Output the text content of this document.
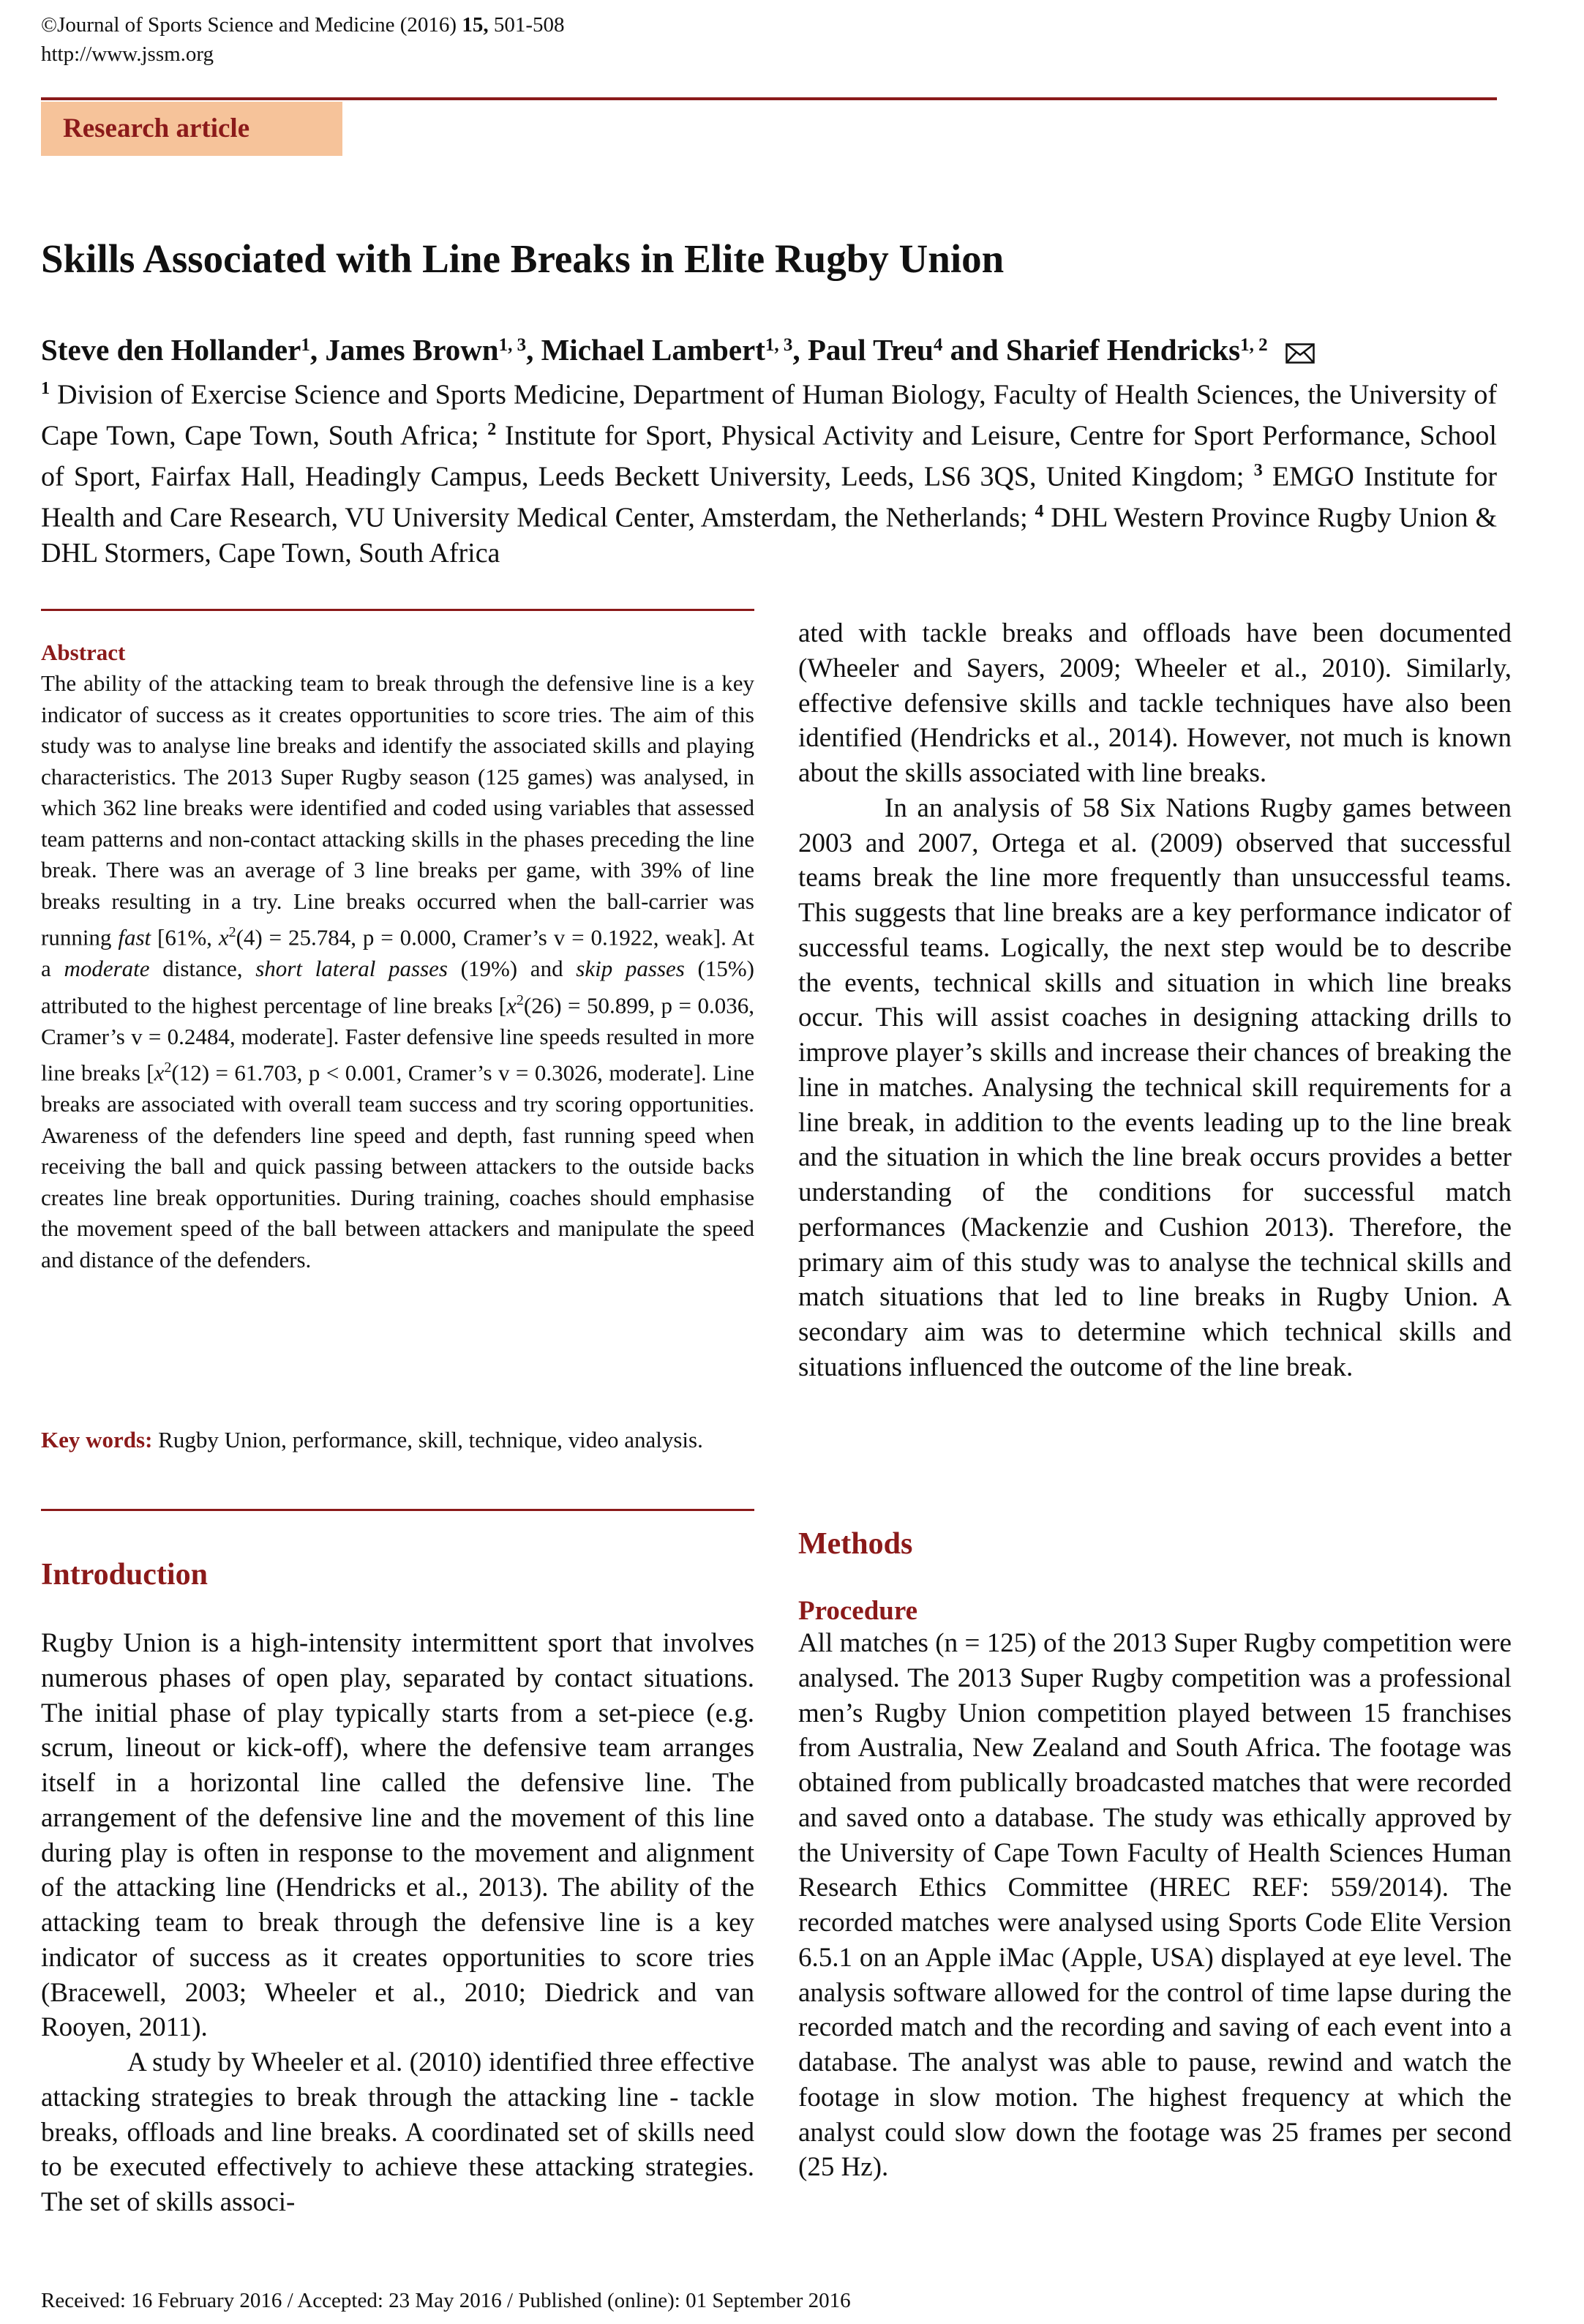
©Journal of Sports Science and Medicine (2016) 15, 501-508
http://www.jssm.org
Research article
Skills Associated with Line Breaks in Elite Rugby Union
Steve den Hollander$^1$, James Brown$^{1, 3}$, Michael Lambert$^{1, 3}$, Paul Treu$^4$ and Sharief Hendricks$^{1, 2}$
$^1$ Division of Exercise Science and Sports Medicine, Department of Human Biology, Faculty of Health Sciences, the University of Cape Town, Cape Town, South Africa; $^2$ Institute for Sport, Physical Activity and Leisure, Centre for Sport Performance, School of Sport, Fairfax Hall, Headingly Campus, Leeds Beckett University, Leeds, LS6 3QS, United Kingdom; $^3$ EMGO Institute for Health and Care Research, VU University Medical Center, Amsterdam, the Netherlands; $^4$ DHL Western Province Rugby Union & DHL Stormers, Cape Town, South Africa
Abstract
The ability of the attacking team to break through the defensive line is a key indicator of success as it creates opportunities to score tries. The aim of this study was to analyse line breaks and identify the associated skills and playing characteristics. The 2013 Super Rugby season (125 games) was analysed, in which 362 line breaks were identified and coded using variables that assessed team patterns and non-contact attacking skills in the phases preceding the line break. There was an average of 3 line breaks per game, with 39% of line breaks resulting in a try. Line breaks occurred when the ball-carrier was running fast [61%, $x^2(4) = 25.784$, p = 0.000, Cramer’s v = 0.1922, weak]. At a moderate distance, short lateral passes (19%) and skip passes (15%) attributed to the highest percentage of line breaks [$x^2(26) = 50.899$, p = 0.036, Cramer’s v = 0.2484, moderate]. Faster defensive line speeds resulted in more line breaks [$x^2(12) = 61.703$, p < 0.001, Cramer’s v = 0.3026, moderate]. Line breaks are associated with overall team success and try scoring opportunities. Awareness of the defenders line speed and depth, fast running speed when receiving the ball and quick passing between attackers to the outside backs creates line break opportunities. During training, coaches should emphasise the movement speed of the ball between attackers and manipulate the speed and distance of the defenders.
Key words: Rugby Union, performance, skill, technique, video analysis.
Introduction

Rugby Union is a high-intensity intermittent sport that involves numerous phases of open play, separated by contact situations. The initial phase of play typically starts from a set-piece (e.g. scrum, lineout or kick-off), where the defensive team arranges itself in a horizontal line called the defensive line. The arrangement of the defensive line and the movement of this line during play is often in response to the movement and alignment of the attacking line (Hendricks et al., 2013). The ability of the attacking team to break through the defensive line is a key indicator of success as it creates opportunities to score tries (Bracewell, 2003; Wheeler et al., 2010; Diedrick and van Rooyen, 2011).

A study by Wheeler et al. (2010) identified three effective attacking strategies to break through the attacking line - tackle breaks, offloads and line breaks. A coordinated set of skills need to be executed effectively to achieve these attacking strategies. The set of skills associ-

ated with tackle breaks and offloads have been documented (Wheeler and Sayers, 2009; Wheeler et al., 2010). Similarly, effective defensive skills and tackle techniques have also been identified (Hendricks et al., 2014). However, not much is known about the skills associated with line breaks.

In an analysis of 58 Six Nations Rugby games between 2003 and 2007, Ortega et al. (2009) observed that successful teams break the line more frequently than unsuccessful teams. This suggests that line breaks are a key performance indicator of successful teams. Logically, the next step would be to describe the events, technical skills and situation in which line breaks occur. This will assist coaches in designing attacking drills to improve player’s skills and increase their chances of breaking the line in matches. Analysing the technical skill requirements for a line break, in addition to the events leading up to the line break and the situation in which the line break occurs provides a better understanding of the conditions for successful match performances (Mackenzie and Cushion 2013). Therefore, the primary aim of this study was to analyse the technical skills and match situations that led to line breaks in Rugby Union. A secondary aim was to determine which technical skills and situations influenced the outcome of the line break.

Methods
Procedure

All matches (n = 125) of the 2013 Super Rugby competition were analysed. The 2013 Super Rugby competition was a professional men’s Rugby Union competition played between 15 franchises from Australia, New Zealand and South Africa. The footage was obtained from publically broadcasted matches that were recorded and saved onto a database. The study was ethically approved by the University of Cape Town Faculty of Health Sciences Human Research Ethics Committee (HREC REF: 559/2014). The recorded matches were analysed using Sports Code Elite Version 6.5.1 on an Apple iMac (Apple, USA) displayed at eye level. The analysis software allowed for the control of time lapse during the recorded match and the recording and saving of each event into a database. The analyst was able to pause, rewind and watch the footage in slow motion. The highest frequency at which the analyst could slow down the footage was 25 frames per second (25 Hz).

Received: 16 February 2016 / Accepted: 23 May 2016 / Published (online): 01 September 2016
